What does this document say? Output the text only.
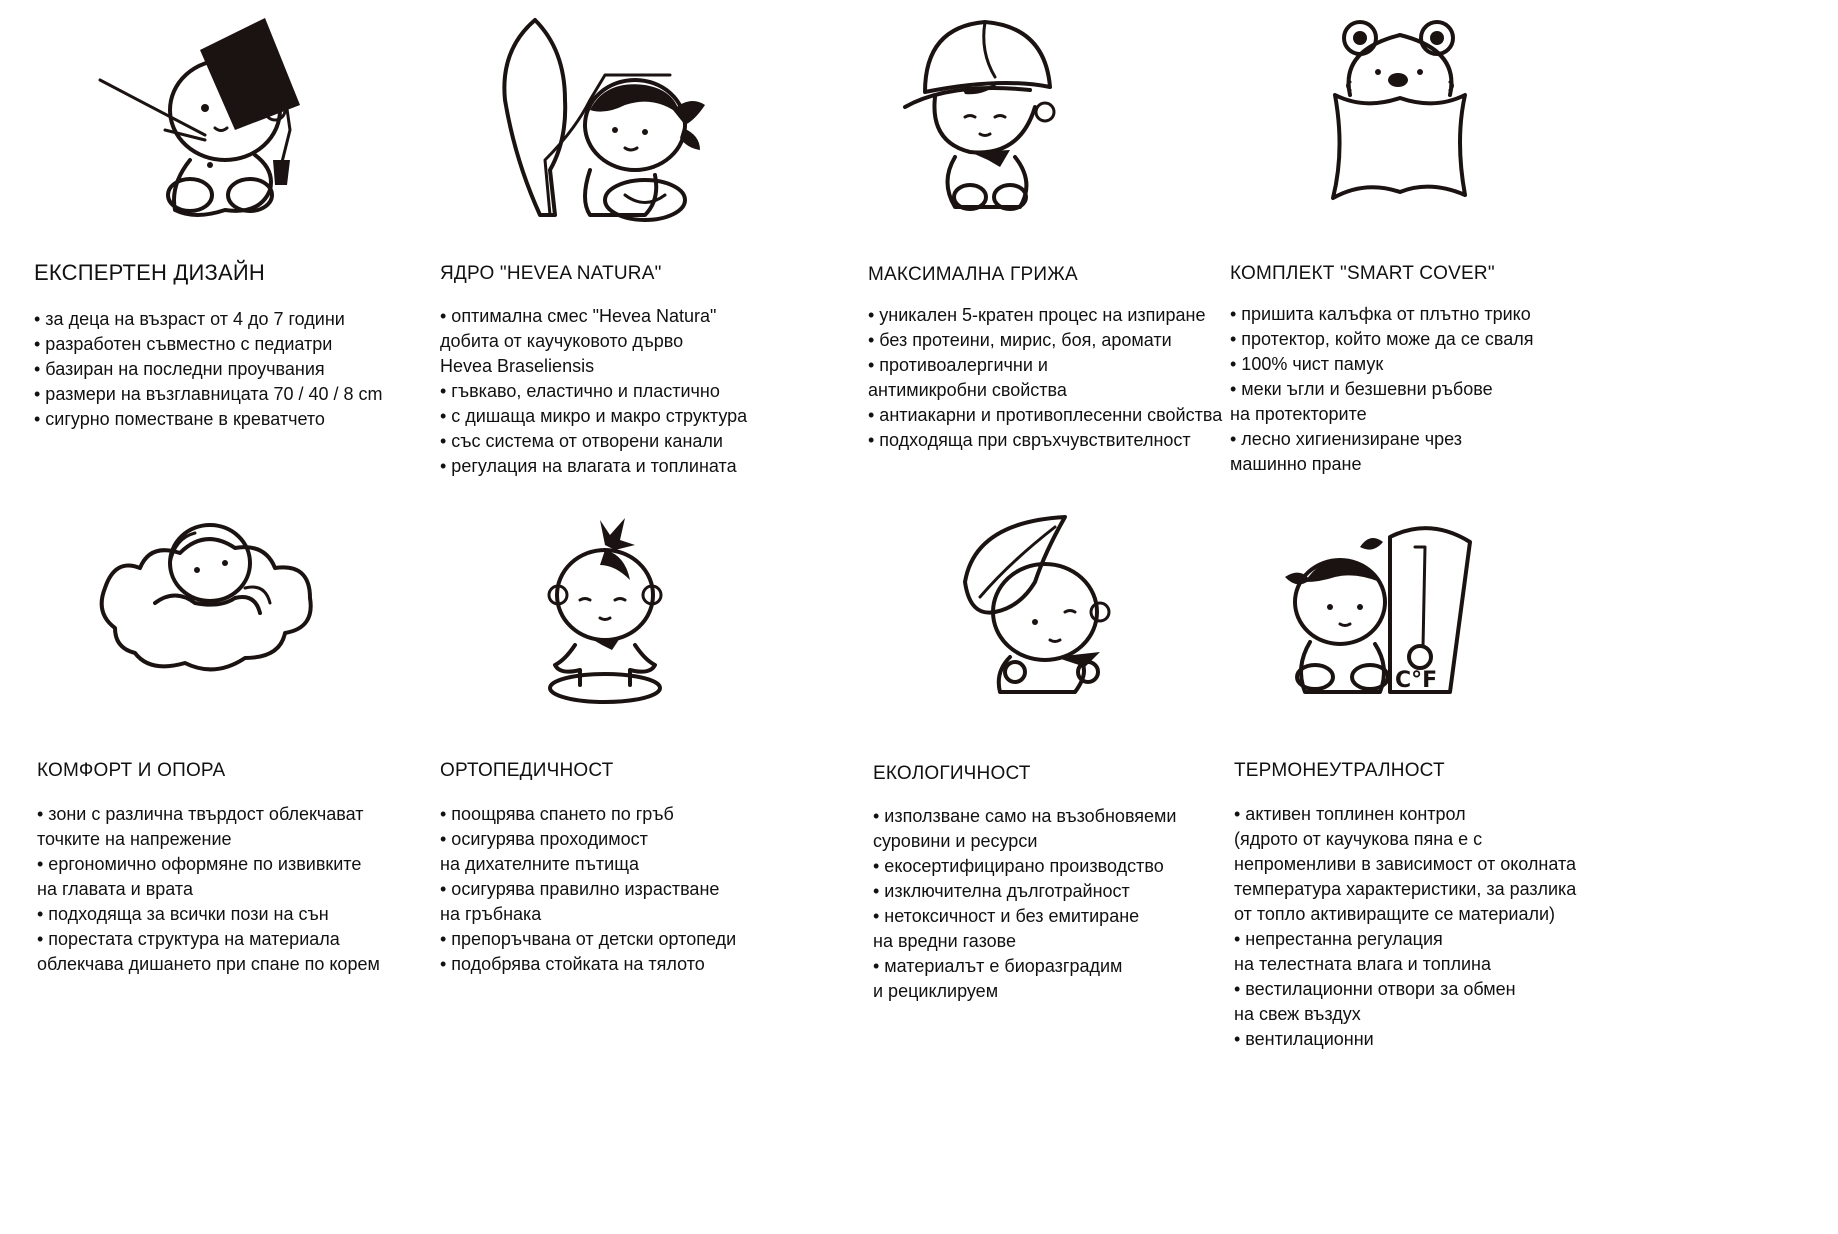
ЕКСПЕРТЕН ДИЗАЙН
• за деца на възраст от 4 до 7 години
• разработен съвместно с педиатри
• базиран на последни проучвания
• размери на възглавницата 70 / 40 / 8 cm
• сигурно поместване в креватчето
ЯДРО "HEVEA NATURA"
• оптимална смес "Hevea Natura"
добита от каучуковото дърво
Hevea Braseliensis
• гъвкаво, еластично и пластично
• с дишаща микро и макро структура
• със система от отворени канали
• регулация на влагата и топлината
МАКСИМАЛНА ГРИЖА
• уникален 5-кратен процес на изпиране
• без протеини, мирис, боя, аромати
• противоалергични и
антимикробни свойства
• антиакарни и противоплесенни свойства
• подходяща при свръхчувствителност
КОМПЛЕКТ "SMART COVER"
• пришита калъфка от плътно трико
• протектор, който може да се сваля
• 100% чист памук
• меки ъгли и безшевни ръбове
на протекторите
• лесно хигиенизиране чрез
машинно пране
КОМФОРТ И ОПОРА
• зони с различна твърдост облекчават
точките на напрежение
• ергономично оформяне по извивките
на главата и врата
• подходяща за всички пози на сън
• порестата структура на материала
облекчава дишането при спане по корем
ОРТОПЕДИЧНОСТ
• поощрява спането по гръб
• осигурява проходимост
на дихателните пътища
• осигурява правилно израстване
на гръбнака
• препоръчвана от детски ортопеди
• подобрява стойката на тялото
ЕКОЛОГИЧНОСТ
• използване само на възобновяеми
суровини и ресурси
• екосертифицирано производство
• изключителна дълготрайност
• нетоксичност и без емитиране
на вредни газове
• материалът е биоразградим
и рециклируем
C°F
ТЕРМОНЕУТРАЛНОСТ
• активен топлинен контрол
(ядрото от каучукова пяна е с
непроменливи в зависимост от околната
температура характеристики, за разлика
от топло активиращите се материали)
• непрестанна регулация
на телестната влага и топлина
• вестилационни отвори за обмен
на свеж въздух
• вентилационни
